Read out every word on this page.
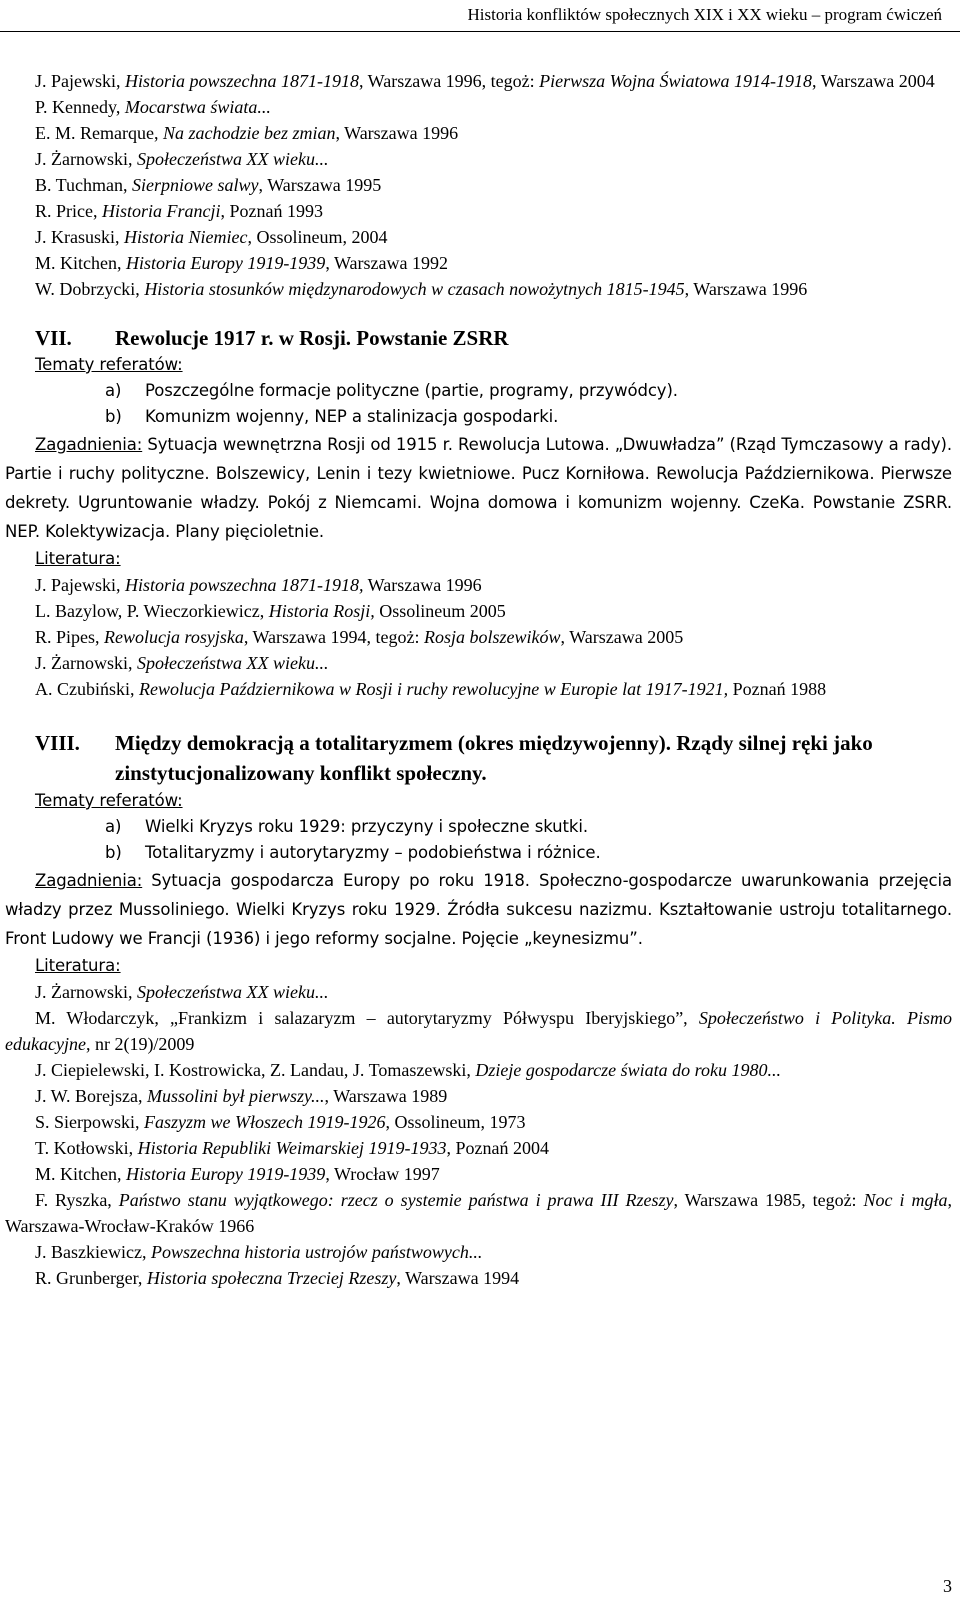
Historia konfliktów społecznych XIX i XX wieku – program ćwiczeń
J. Pajewski, Historia powszechna 1871-1918, Warszawa 1996, tegoż: Pierwsza Wojna Światowa 1914-1918, Warszawa 2004
P. Kennedy, Mocarstwa świata...
E. M. Remarque, Na zachodzie bez zmian, Warszawa 1996
J. Żarnowski, Społeczeństwa XX wieku...
B. Tuchman, Sierpniowe salwy, Warszawa 1995
R. Price, Historia Francji, Poznań 1993
J. Krasuski, Historia Niemiec, Ossolineum, 2004
M. Kitchen, Historia Europy 1919-1939, Warszawa 1992
W. Dobrzycki, Historia stosunków międzynarodowych w czasach nowożytnych 1815-1945, Warszawa 1996
VII.	Rewolucje 1917 r. w Rosji. Powstanie ZSRR
Tematy referatów:
a)	Poszczególne formacje polityczne (partie, programy, przywódcy).
b)	Komunizm wojenny, NEP a stalinizacja gospodarki.
Zagadnienia: Sytuacja wewnętrzna Rosji od 1915 r. Rewolucja Lutowa. „Dwuwładza” (Rząd Tymczasowy a rady). Partie i ruchy polityczne. Bolszewicy, Lenin i tezy kwietniowe. Pucz Korniłowa. Rewolucja Październikowa. Pierwsze dekrety. Ugruntowanie władzy. Pokój z Niemcami. Wojna domowa i komunizm wojenny. CzeKa. Powstanie ZSRR. NEP. Kolektywizacja. Plany pięcioletnie.
Literatura:
J. Pajewski, Historia powszechna 1871-1918, Warszawa 1996
L. Bazylow, P. Wieczorkiewicz, Historia Rosji, Ossolineum 2005
R. Pipes, Rewolucja rosyjska, Warszawa 1994, tegoż: Rosja bolszewików, Warszawa 2005
J. Żarnowski, Społeczeństwa XX wieku...
A. Czubiński, Rewolucja Październikowa w Rosji i ruchy rewolucyjne w Europie lat 1917-1921, Poznań 1988
VIII.	Między demokracją a totalitaryzmem (okres międzywojenny). Rządy silnej ręki jako zinstytucjonalizowany konflikt społeczny.
Tematy referatów:
a)	Wielki Kryzys roku 1929: przyczyny i społeczne skutki.
b)	Totalitaryzmy i autorytaryzmy – podobieństwa i różnice.
Zagadnienia: Sytuacja gospodarcza Europy po roku 1918. Społeczno-gospodarcze uwarunkowania przejęcia władzy przez Mussoliniego. Wielki Kryzys roku 1929. Źródła sukcesu nazizmu. Kształtowanie ustroju totalitarnego. Front Ludowy we Francji (1936) i jego reformy socjalne. Pojęcie „keynesizmu”.
Literatura:
J. Żarnowski, Społeczeństwa XX wieku...
M. Włodarczyk, „Frankizm i salazaryzm – autorytaryzmy Półwyspu Iberyjskiego”, Społeczeństwo i Polityka. Pismo edukacyjne, nr 2(19)/2009
J. Ciepielewski, I. Kostrowicka, Z. Landau, J. Tomaszewski, Dzieje gospodarcze świata do roku 1980...
J. W. Borejsza, Mussolini był pierwszy..., Warszawa 1989
S. Sierpowski, Faszyzm we Włoszech 1919-1926, Ossolineum, 1973
T. Kotłowski, Historia Republiki Weimarskiej 1919-1933, Poznań 2004
M. Kitchen, Historia Europy 1919-1939, Wrocław 1997
F. Ryszka, Państwo stanu wyjątkowego: rzecz o systemie państwa i prawa III Rzeszy, Warszawa 1985, tegoż: Noc i mgła, Warszawa-Wrocław-Kraków 1966
J. Baszkiewicz, Powszechna historia ustrojów państwowych...
R. Grunberger, Historia społeczna Trzeciej Rzeszy, Warszawa 1994
3
